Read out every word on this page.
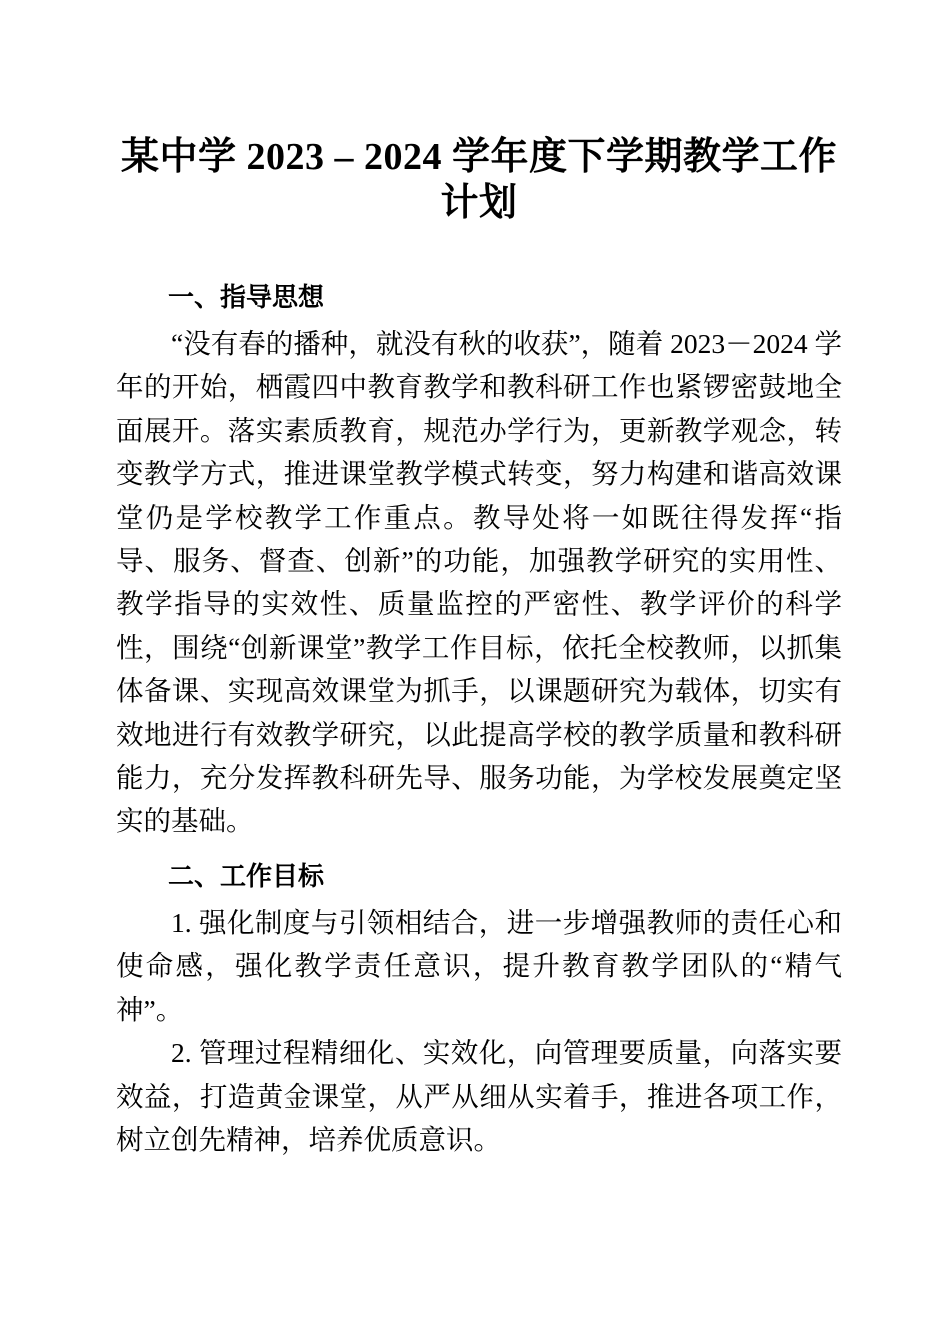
某中学 2023 – 2024 学年度下学期教学工作计划
一、指导思想

“没有春的播种，就没有秋的收获”，随着 2023－2024 学年的开始，栖霞四中教育教学和教科研工作也紧锣密鼓地全面展开。落实素质教育，规范办学行为，更新教学观念，转变教学方式，推进课堂教学模式转变，努力构建和谐高效课堂仍是学校教学工作重点。教导处将一如既往得发挥“指导、服务、督查、创新”的功能，加强教学研究的实用性、教学指导的实效性、质量监控的严密性、教学评价的科学性，围绕“创新课堂”教学工作目标，依托全校教师，以抓集体备课、实现高效课堂为抓手，以课题研究为载体，切实有效地进行有效教学研究，以此提高学校的教学质量和教科研能力，充分发挥教科研先导、服务功能，为学校发展奠定坚实的基础。

二、工作目标

1. 强化制度与引领相结合，进一步增强教师的责任心和使命感，强化教学责任意识，提升教育教学团队的“精气神”。

2. 管理过程精细化、实效化，向管理要质量，向落实要效益，打造黄金课堂，从严从细从实着手，推进各项工作，树立创先精神，培养优质意识。
